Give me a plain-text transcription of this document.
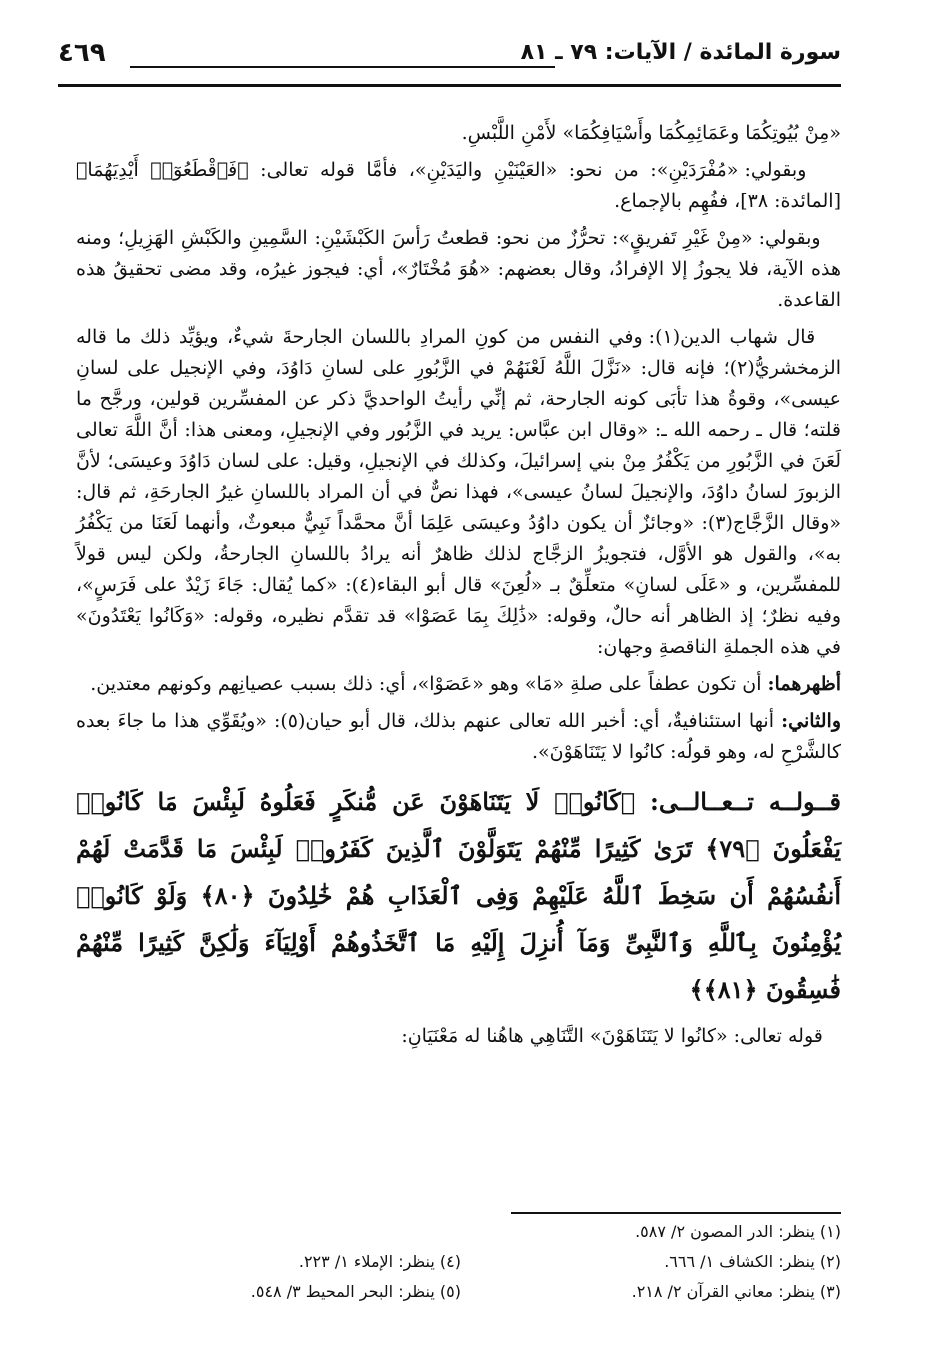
سورة المائدة / الآيات: ٧٩ ـ ٨١
٤٦٩

«مِنْ بُيُوتِكُمَا وعَمَائِمِكُمَا وأَسْيَافِكُمَا» لأَمْنِ اللَّبْسِ.

وبقولي: «مُفْرَدَيْنِ»: من نحو: «العَيْنَيْنِ واليَدَيْنِ»، فأمَّا قوله تعالى: ﴿فَٱقْطَعُوٓا۟ أَيْدِيَهُمَا﴾ [المائدة: ٣٨]، ففُهِم بالإجماع.

وبقولي: «مِنْ غَيْرِ تَفريقٍ»: تحرُّزٌ من نحو: قطعتُ رَأسَ الكَبْشَيْنِ: السَّمِينِ والكَبْشِ الهَزِيلِ؛ ومنه هذه الآية، فلا يجوزُ إلا الإفرادُ، وقال بعضهم: «هُوَ مُخْتَارٌ»، أي: فيجوز غيرُه، وقد مضى تحقيقُ هذه القاعدة.

قال شهاب الدين(١): وفي النفس من كونِ المرادِ باللسان الجارحةَ شيءٌ، ويؤيِّد ذلك ما قاله الزمخشريُّ(٢)؛ فإنه قال: «نَزَّلَ اللَّهُ لَعْنَهُمْ في الزَّبُورِ على لسانِ دَاوُدَ، وفي الإنجيل على لسانِ عيسى»، وقوةُ هذا تأبَى كونه الجارحة، ثم إنِّي رأيتُ الواحديَّ ذكر عن المفسِّرين قولين، ورجَّح ما قلته؛ قال ـ رحمه الله ـ: «وقال ابن عبَّاس: يريد في الزَّبُور وفي الإنجيلِ، ومعنى هذا: أنَّ اللَّهَ تعالى لَعَنَ في الزَّبُورِ من يَكْفُرُ مِنْ بني إسرائيلَ، وكذلك في الإنجيلِ، وقيل: على لسان دَاوُدَ وعيسَى؛ لأنَّ الزبورَ لسانُ داوُدَ، والإنجيلَ لسانُ عيسى»، فهذا نصٌّ في أن المراد باللسانِ غيرُ الجارحَةِ، ثم قال: «وقال الزَّجَّاج(٣): «وجائزٌ أن يكون داوُدُ وعيسَى عَلِمَا أنَّ محمَّداً نَبِيٌّ مبعوثٌ، وأنهما لَعَنَا من يَكْفُرُ به»، والقول هو الأوَّل، فتجويزُ الزجَّاج لذلك ظاهرٌ أنه يرادُ باللسانِ الجارحةُ، ولكن ليس قولاً للمفسِّرين، و «عَلَى لسانِ» متعلِّقٌ بـ «لُعِنَ» قال أبو البقاء(٤): «كما يُقال: جَاءَ زَيْدٌ على فَرَسٍ»، وفيه نظرٌ؛ إذ الظاهر أنه حالٌ، وقوله: «ذَٰلِكَ بِمَا عَصَوْا» قد تقدَّم نظيره، وقوله: «وَكَانُوا يَعْتَدُونَ» في هذه الجملةِ الناقصةِ وجهان:

أظهرهما: أن تكون عطفاً على صلةِ «مَا» وهو «عَصَوْا»، أي: ذلك بسبب عصيانِهم وكونهم معتدين.

والثاني: أنها استئنافيةٌ، أي: أخبر الله تعالى عنهم بذلك، قال أبو حيان(٥): «ويُقَوِّي هذا ما جاءَ بعده كالشَّرْحِ له، وهو قولُه: كانُوا لا يَتَنَاهَوْنَ».

قــولــه تــعــالــى: ﴿كَانُوا۟ لَا يَتَنَاهَوْنَ عَن مُّنكَرٍ فَعَلُوهُ لَبِئْسَ مَا كَانُوا۟ يَفْعَلُونَ ﴿٧٩﴾ تَرَىٰ كَثِيرًا مِّنْهُمْ يَتَوَلَّوْنَ ٱلَّذِينَ كَفَرُوا۟ لَبِئْسَ مَا قَدَّمَتْ لَهُمْ أَنفُسُهُمْ أَن سَخِطَ ٱللَّهُ عَلَيْهِمْ وَفِى ٱلْعَذَابِ هُمْ خَٰلِدُونَ ﴿٨٠﴾ وَلَوْ كَانُوا۟ يُؤْمِنُونَ بِٱللَّهِ وَٱلنَّبِىِّ وَمَآ أُنزِلَ إِلَيْهِ مَا ٱتَّخَذُوهُمْ أَوْلِيَآءَ وَلَٰكِنَّ كَثِيرًا مِّنْهُمْ فَٰسِقُونَ ﴿٨١﴾﴾

قوله تعالى: «كانُوا لا يَتَنَاهَوْنَ» التَّنَاهِي هاهُنا له مَعْنَيَانِ:

(١) ينظر: الدر المصون ٢/ ٥٨٧.
(٢) ينظر: الكشاف ١/ ٦٦٦.
(٤) ينظر: الإملاء ١/ ٢٢٣.
(٣) ينظر: معاني القرآن ٢/ ٢١٨.
(٥) ينظر: البحر المحيط ٣/ ٥٤٨.
